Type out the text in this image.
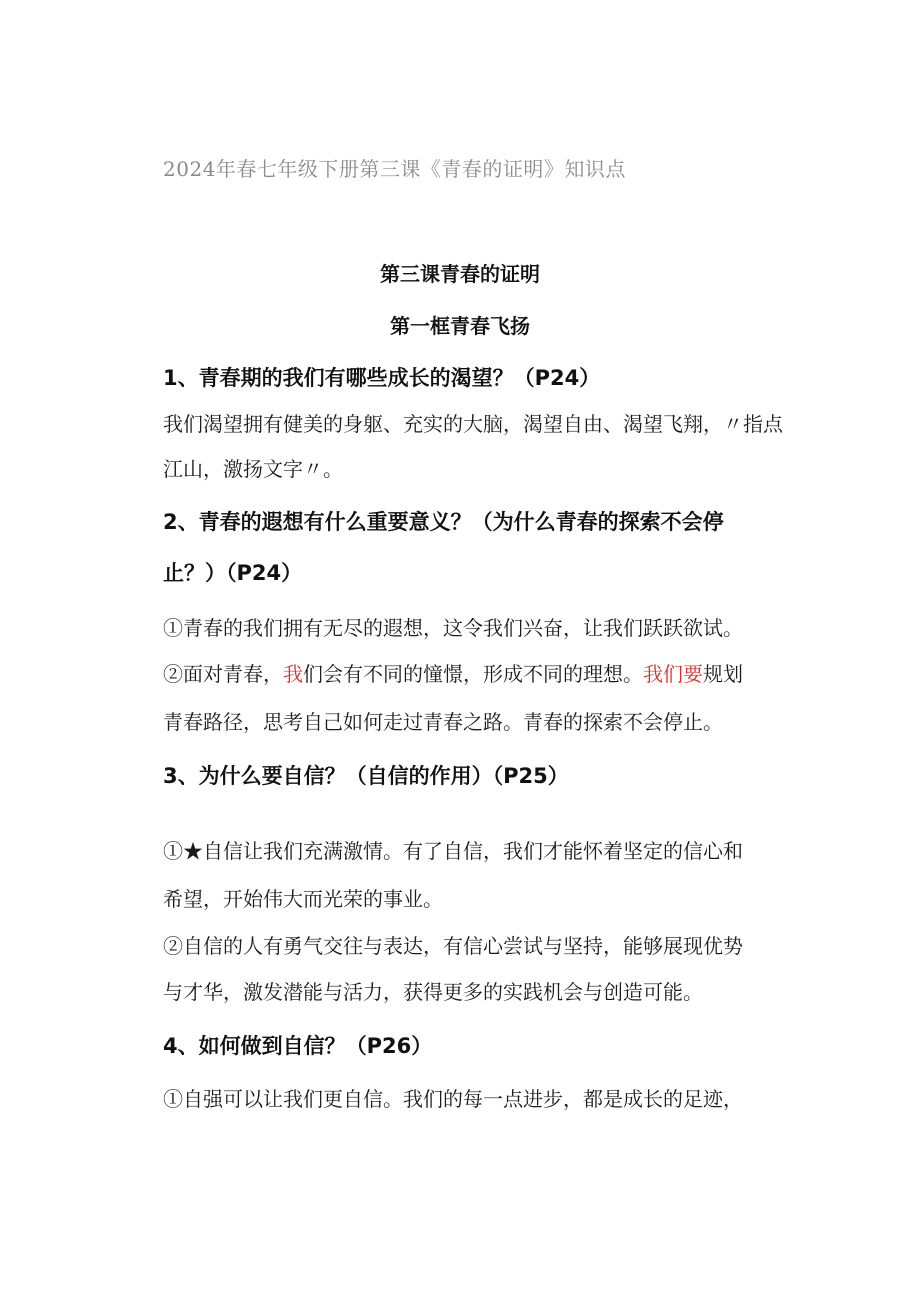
2024年春七年级下册第三课《青春的证明》知识点
第三课青春的证明
第一框青春飞扬
1、青春期的我们有哪些成长的渴望？（P24）
我们渴望拥有健美的身躯、充实的大脑，渴望自由、渴望飞翔，〃指点
江山，激扬文字〃。
2、青春的遐想有什么重要意义？（为什么青春的探索不会停
止？）（P24）
①青春的我们拥有无尽的遐想，这令我们兴奋，让我们跃跃欲试。
②面对青春，我们会有不同的憧憬，形成不同的理想。我们要规划
青春路径，思考自己如何走过青春之路。青春的探索不会停止。
3、为什么要自信？（自信的作用）（P25）
①★自信让我们充满激情。有了自信，我们才能怀着坚定的信心和
希望，开始伟大而光荣的事业。
②自信的人有勇气交往与表达，有信心尝试与坚持，能够展现优势
与才华，激发潜能与活力，获得更多的实践机会与创造可能。
4、如何做到自信？（P26）
①自强可以让我们更自信。我们的每一点进步，都是成长的足迹，
